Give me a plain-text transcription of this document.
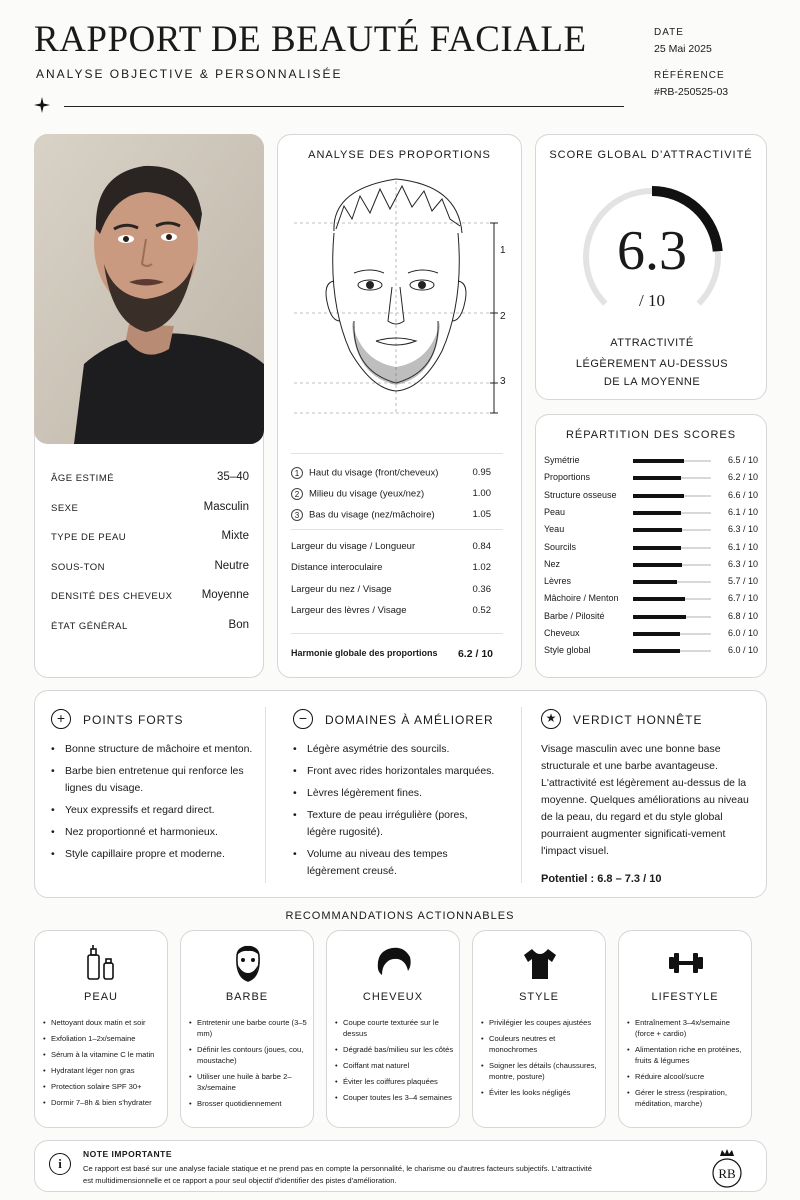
RAPPORT DE BEAUTÉ FACIALE
ANALYSE OBJECTIVE & PERSONNALISÉE
DATE
25 Mai 2025
RÉFÉRENCE
#RB-250525-03
ÂGE ESTIMÉ	35–40
SEXE	Masculin
TYPE DE PEAU	Mixte
SOUS-TON	Neutre
DENSITÉ DES CHEVEUX	Moyenne
ÉTAT GÉNÉRAL	Bon
ANALYSE DES PROPORTIONS
1
2
3
1 Haut du visage (front/cheveux)	0.95
2 Milieu du visage (yeux/nez)	1.00
3 Bas du visage (nez/mâchoire)	1.05
Largeur du visage / Longueur	0.84
Distance interoculaire	1.02
Largeur du nez / Visage	0.36
Largeur des lèvres / Visage	0.52
Harmonie globale des proportions 6.2 / 10
SCORE GLOBAL D'ATTRACTIVITÉ
6.3
/ 10
ATTRACTIVITÉ
LÉGÈREMENT AU-DESSUS
DE LA MOYENNE
RÉPARTITION DES SCORES
Symétrie	6.5 / 10
Proportions	6.2 / 10
Structure osseuse	6.6 / 10
Peau	6.1 / 10
Yeau	6.3 / 10
Sourcils	6.1 / 10
Nez	6.3 / 10
Lèvres	5.7 / 10
Mâchoire / Menton	6.7 / 10
Barbe / Pilosité	6.8 / 10
Cheveux	6.0 / 10
Style global	6.0 / 10
+	POINTS FORTS
• Bonne structure de mâchoire et menton.
• Barbe bien entretenue qui renforce les lignes du visage.
• Yeux expressifs et regard direct.
• Nez proportionné et harmonieux.
• Style capillaire propre et moderne.
−	DOMAINES À AMÉLIORER
• Légère asymétrie des sourcils.
• Front avec rides horizontales marquées.
• Lèvres légèrement fines.
• Texture de peau irrégulière (pores, légère rugosité).
• Volume au niveau des tempes légèrement creusé.
★	VERDICT HONNÊTE
Visage masculin avec une bonne base structurale et une barbe avantageuse. L'attractivité est légèrement au-dessus de la moyenne. Quelques améliorations au niveau de la peau, du regard et du style global pourraient augmenter significati-vement l'impact visuel.
Potentiel : 6.8 – 7.3 / 10
RECOMMANDATIONS ACTIONNABLES
PEAU
• Nettoyant doux matin et soir
• Exfoliation 1–2x/semaine
• Sérum à la vitamine C le matin
• Hydratant léger non gras
• Protection solaire SPF 30+
• Dormir 7–8h & bien s'hydrater
BARBE
• Entretenir une barbe courte (3–5 mm)
• Définir les contours (joues, cou, moustache)
• Utiliser une huile à barbe 2–3x/semaine
• Brosser quotidiennement
CHEVEUX
• Coupe courte texturée sur le dessus
• Dégradé bas/milieu sur les côtés
• Coiffant mat naturel
• Éviter les coiffures plaquées
• Couper toutes les 3–4 semaines
STYLE
• Privilégier les coupes ajustées
• Couleurs neutres et monochromes
• Soigner les détails (chaussures, montre, posture)
• Éviter les looks négligés
LIFESTYLE
• Entraînement 3–4x/semaine (force + cardio)
• Alimentation riche en protéines, fruits & légumes
• Réduire alcool/sucre
• Gérer le stress (respiration, méditation, marche)
i
NOTE IMPORTANTE
Ce rapport est basé sur une analyse faciale statique et ne prend pas en compte la personnalité, le charisme ou d'autres facteurs subjectifs. L'attractivité est multidimensionnelle et ce rapport a pour seul objectif d'identifier des pistes d'amélioration.	RB
